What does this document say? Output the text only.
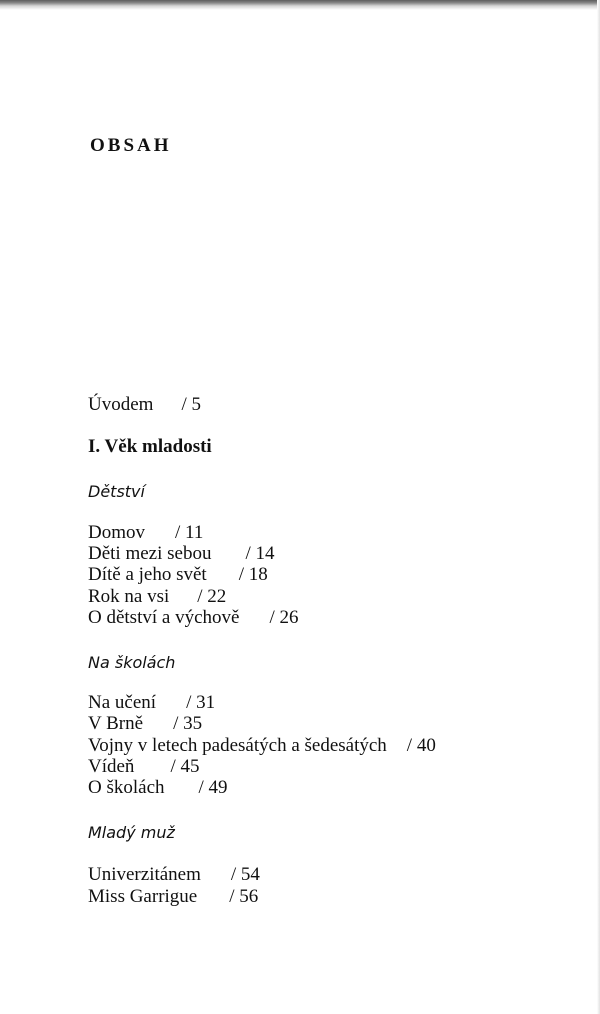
OBSAH
Úvodem / 5
I. Věk mladosti
Dětství
Domov / 11
Děti mezi sebou / 14
Dítě a jeho svět / 18
Rok na vsi / 22
O dětství a výchově / 26
Na školách
Na učení / 31
V Brně / 35
Vojny v letech padesátých a šedesátých / 40
Vídeň / 45
O školách / 49
Mladý muž
Univerzitánem / 54
Miss Garrigue / 56
